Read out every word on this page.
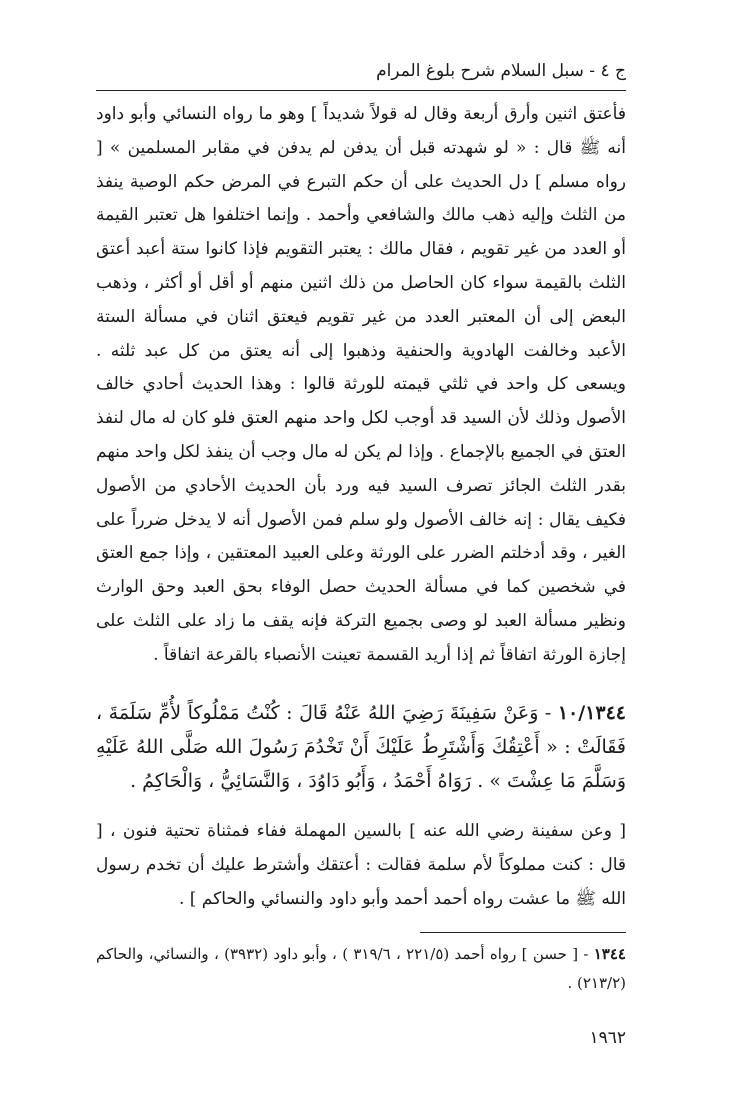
ج ٤ - سبل السلام شرح بلوغ المرام

فأعتق اثنين وأرق أربعة وقال له قولاً شديداً ] وهو ما رواه النسائي وأبو داود أنه ﷺ قال : « لو شهدته قبل أن يدفن لم يدفن في مقابر المسلمين » [ رواه مسلم ] دل الحديث على أن حكم التبرع في المرض حكم الوصية ينفذ من الثلث وإليه ذهب مالك والشافعي وأحمد . وإنما اختلفوا هل تعتبر القيمة أو العدد من غير تقويم ، فقال مالك : يعتبر التقويم فإذا كانوا ستة أعبد أعتق الثلث بالقيمة سواء كان الحاصل من ذلك اثنين منهم أو أقل أو أكثر ، وذهب البعض إلى أن المعتبر العدد من غير تقويم فيعتق اثنان في مسألة الستة الأعبد وخالفت الهادوية والحنفية وذهبوا إلى أنه يعتق من كل عبد ثلثه . ويسعى كل واحد في ثلثي قيمته للورثة قالوا : وهذا الحديث أحادي خالف الأصول وذلك لأن السيد قد أوجب لكل واحد منهم العتق فلو كان له مال لنفذ العتق في الجميع بالإجماع . وإذا لم يكن له مال وجب أن ينفذ لكل واحد منهم بقدر الثلث الجائز تصرف السيد فيه ورد بأن الحديث الأحادي من الأصول فكيف يقال : إنه خالف الأصول ولو سلم فمن الأصول أنه لا يدخل ضرراً على الغير ، وقد أدخلتم الضرر على الورثة وعلى العبيد المعتقين ، وإذا جمع العتق في شخصين كما في مسألة الحديث حصل الوفاء بحق العبد وحق الوارث ونظير مسألة العبد لو وصى بجميع التركة فإنه يقف ما زاد على الثلث على إجازة الورثة اتفاقاً ثم إذا أريد القسمة تعينت الأنصباء بالقرعة اتفاقاً .

١٠/١٣٤٤ - وَعَنْ سَفِينَةَ رَضِيَ اللهُ عَنْهُ قَالَ : كُنْتُ مَمْلُوكاً لأُمِّ سَلَمَةَ ، فَقَالَتْ : « أَعْتِقُكَ وَأَشْتَرِطُ عَلَيْكَ أَنْ تَخْدُمَ رَسُولَ الله صَلَّى اللهُ عَلَيْهِ وَسَلَّمَ مَا عِشْتَ » . رَوَاهُ أَحْمَدُ ، وَأَبُو دَاوُدَ ، وَالنَّسَائِيُّ ، وَالْحَاكِمُ .

[ وعن سفينة رضي الله عنه ] بالسين المهملة ففاء فمثناة تحتية فنون ، [ قال : كنت مملوكاً لأم سلمة فقالت : أعتقك وأشترط عليك أن تخدم رسول الله ﷺ ما عشت رواه أحمد أحمد وأبو داود والنسائي والحاكم ] .

١٣٤٤ - [ حسن ] رواه أحمد (٢٢١/٥ ، ٣١٩/٦ ) ، وأبو داود (٣٩٣٢) ، والنسائي، والحاكم (٢١٣/٢) .

١٩٦٢
